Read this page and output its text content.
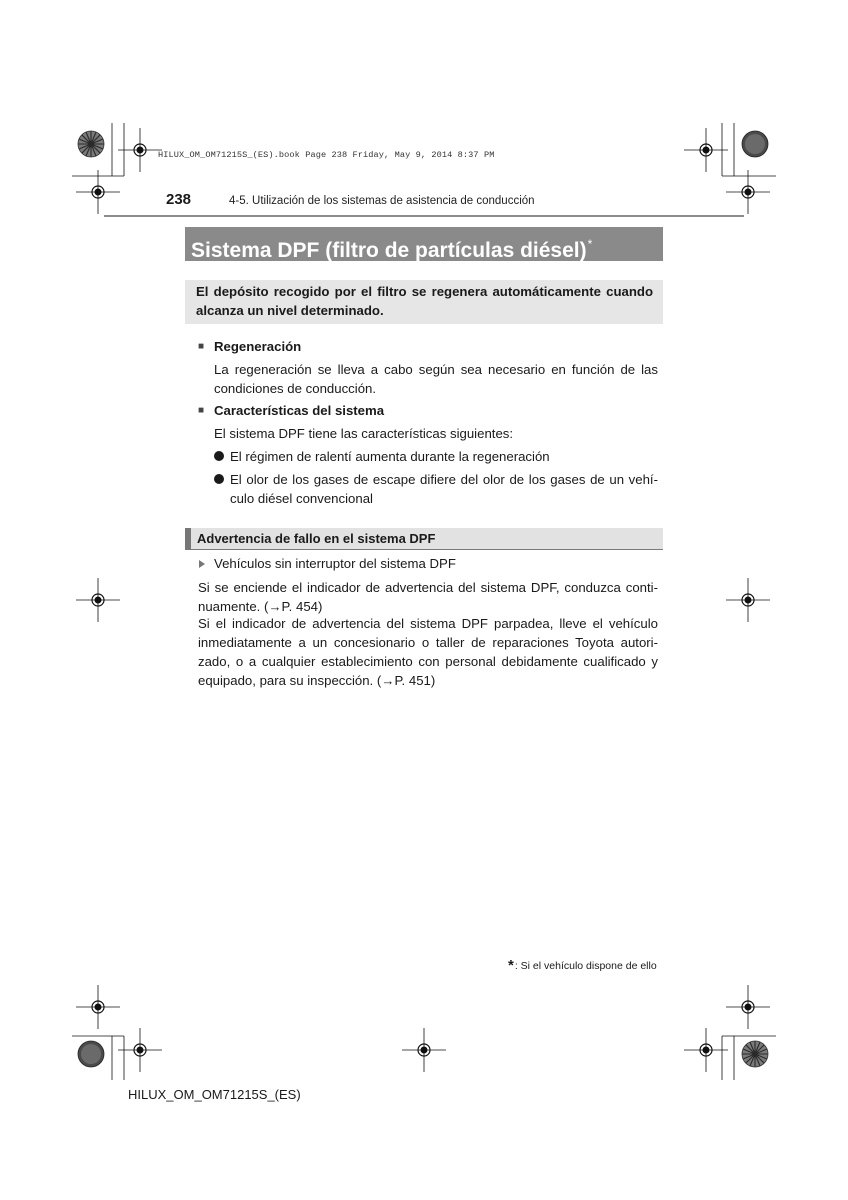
HILUX_OM_OM71215S_(ES).book Page 238 Friday, May 9, 2014 8:37 PM
238	4-5. Utilización de los sistemas de asistencia de conducción
Sistema DPF (filtro de partículas diésel)*
El depósito recogido por el filtro se regenera automáticamente cuando
alcanza un nivel determinado.
■ Regeneración
La regeneración se lleva a cabo según sea necesario en función de las
condiciones de conducción.
■ Características del sistema
El sistema DPF tiene las características siguientes:
El régimen de ralentí aumenta durante la regeneración
El olor de los gases de escape difiere del olor de los gases de un vehí-
culo diésel convencional
Advertencia de fallo en el sistema DPF
Vehículos sin interruptor del sistema DPF
Si se enciende el indicador de advertencia del sistema DPF, conduzca conti-
nuamente. (→P. 454)
Si el indicador de advertencia del sistema DPF parpadea, lleve el vehículo
inmediatamente a un concesionario o taller de reparaciones Toyota autori-
zado, o a cualquier establecimiento con personal debidamente cualificado y
equipado, para su inspección. (→P. 451)
*: Si el vehículo dispone de ello
HILUX_OM_OM71215S_(ES)
